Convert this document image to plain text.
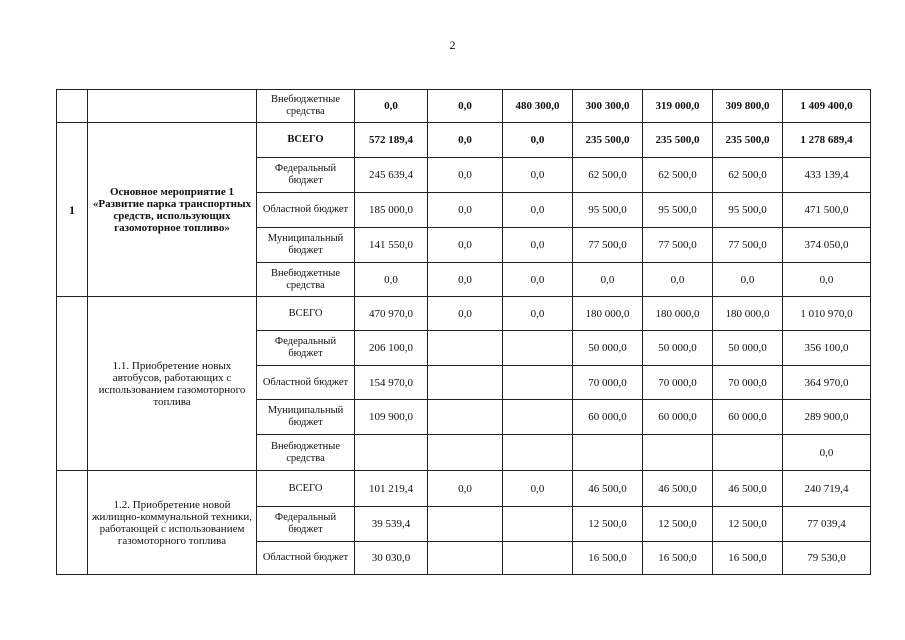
2
		Внебюджетные средства	0,0	0,0	480 300,0	300 300,0	319 000,0	309 800,0	1 409 400,0
1	Основное мероприятие 1 «Развитие парка транспортных средств, использующих газомоторное топливо»	ВСЕГО	572 189,4	0,0	0,0	235 500,0	235 500,0	235 500,0	1 278 689,4
		Федеральный бюджет	245 639,4	0,0	0,0	62 500,0	62 500,0	62 500,0	433 139,4
		Областной бюджет	185 000,0	0,0	0,0	95 500,0	95 500,0	95 500,0	471 500,0
		Муниципальный бюджет	141 550,0	0,0	0,0	77 500,0	77 500,0	77 500,0	374 050,0
		Внебюджетные средства	0,0	0,0	0,0	0,0	0,0	0,0	0,0
	1.1. Приобретение новых автобусов, работающих с использованием газомоторного топлива	ВСЕГО	470 970,0	0,0	0,0	180 000,0	180 000,0	180 000,0	1 010 970,0
		Федеральный бюджет	206 100,0			50 000,0	50 000,0	50 000,0	356 100,0
		Областной бюджет	154 970,0			70 000,0	70 000,0	70 000,0	364 970,0
		Муниципальный бюджет	109 900,0			60 000,0	60 000,0	60 000,0	289 900,0
		Внебюджетные средства							0,0
	1.2. Приобретение новой жилищно-коммунальной техники, работающей с использованием газомоторного топлива	ВСЕГО	101 219,4	0,0	0,0	46 500,0	46 500,0	46 500,0	240 719,4
		Федеральный бюджет	39 539,4			12 500,0	12 500,0	12 500,0	77 039,4
		Областной бюджет	30 030,0			16 500,0	16 500,0	16 500,0	79 530,0
